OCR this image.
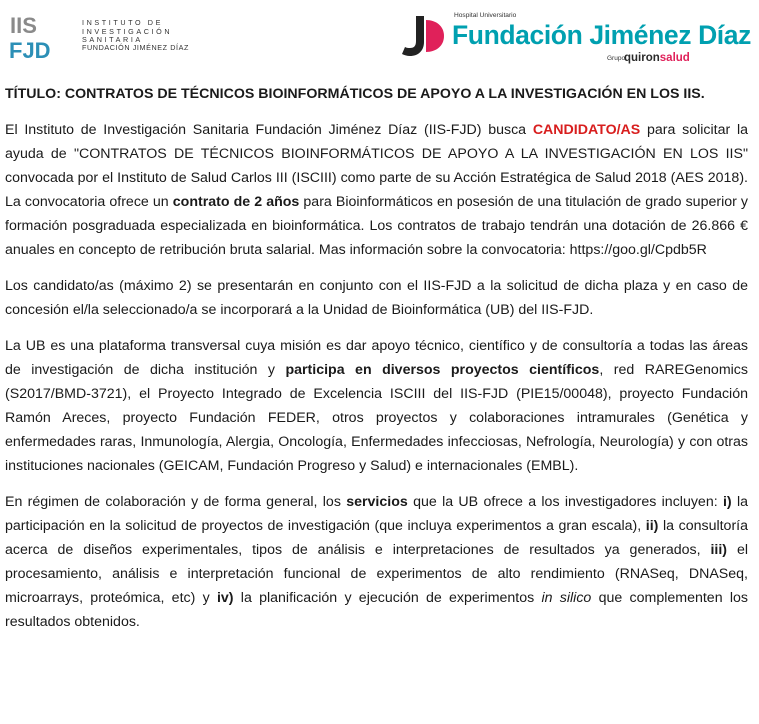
IIS
FJD
INSTITUTO DE
INVESTIGACIÓN
SANITARIA
FUNDACIÓN JIMÉNEZ DÍAZ
Hospital Universitario
Fundación Jiménez Díaz
Grupo
quironsalud

TÍTULO: CONTRATOS DE TÉCNICOS BIOINFORMÁTICOS DE APOYO A LA INVESTIGACIÓN EN LOS IIS.

El Instituto de Investigación Sanitaria Fundación Jiménez Díaz (IIS-FJD) busca CANDIDATO/AS para solicitar la ayuda de "CONTRATOS DE TÉCNICOS BIOINFORMÁTICOS DE APOYO A LA INVESTIGACIÓN EN LOS IIS" convocada por el Instituto de Salud Carlos III (ISCIII) como parte de su Acción Estratégica de Salud 2018 (AES 2018). La convocatoria ofrece un contrato de 2 años para Bioinformáticos en posesión de una titulación de grado superior y formación posgraduada especializada en bioinformática. Los contratos de trabajo tendrán una dotación de 26.866 € anuales en concepto de retribución bruta salarial. Mas información sobre la convocatoria: https://goo.gl/Cpdb5R

Los candidato/as (máximo 2) se presentarán en conjunto con el IIS-FJD a la solicitud de dicha plaza y en caso de concesión el/la seleccionado/a se incorporará a la Unidad de Bioinformática (UB) del IIS-FJD.

La UB es una plataforma transversal cuya misión es dar apoyo técnico, científico y de consultoría a todas las áreas de investigación de dicha institución y participa en diversos proyectos científicos, red RAREGenomics (S2017/BMD-3721), el Proyecto Integrado de Excelencia ISCIII del IIS-FJD (PIE15/00048), proyecto Fundación Ramón Areces, proyecto Fundación FEDER, otros proyectos y colaboraciones intramurales (Genética y enfermedades raras, Inmunología, Alergia, Oncología, Enfermedades infecciosas, Nefrología, Neurología) y con otras instituciones nacionales (GEICAM, Fundación Progreso y Salud) e internacionales (EMBL).

En régimen de colaboración y de forma general, los servicios que la UB ofrece a los investigadores incluyen: i) la participación en la solicitud de proyectos de investigación (que incluya experimentos a gran escala), ii) la consultoría acerca de diseños experimentales, tipos de análisis e interpretaciones de resultados ya generados, iii) el procesamiento, análisis e interpretación funcional de experimentos de alto rendimiento (RNASeq, DNASeq, microarrays, proteómica, etc) y iv) la planificación y ejecución de experimentos in silico que complementen los resultados obtenidos.
